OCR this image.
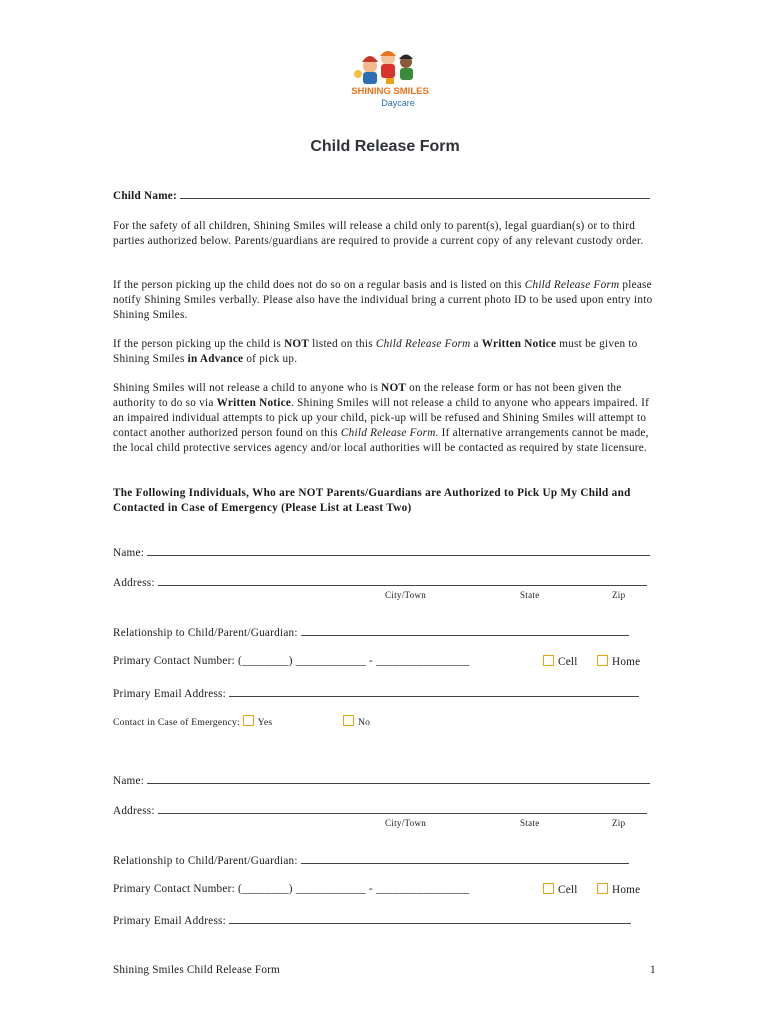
SHINING SMILES
Daycare
Child Release Form
Child Name:
For the safety of all children, Shining Smiles will release a child only to parent(s), legal guardian(s) or to third parties authorized below. Parents/guardians are required to provide a current copy of any relevant custody order.
If the person picking up the child does not do so on a regular basis and is listed on this Child Release Form please notify Shining Smiles verbally. Please also have the individual bring a current photo ID to be used upon entry into Shining Smiles.
If the person picking up the child is NOT listed on this Child Release Form a Written Notice must be given to Shining Smiles in Advance of pick up.
Shining Smiles will not release a child to anyone who is NOT on the release form or has not been given the authority to do so via Written Notice. Shining Smiles will not release a child to anyone who appears impaired. If an impaired individual attempts to pick up your child, pick-up will be refused and Shining Smiles will attempt to contact another authorized person found on this Child Release Form. If alternative arrangements cannot be made, the local child protective services agency and/or local authorities will be contacted as required by state licensure.
The Following Individuals, Who are NOT Parents/Guardians are Authorized to Pick Up My Child and Contacted in Case of Emergency (Please List at Least Two)
Name:
Address:
City/Town	State	Zip
Relationship to Child/Parent/Guardian:
Primary Contact Number: (________) ____________ - ________________	Cell	Home
Primary Email Address:
Contact in Case of Emergency: Yes	No
Name:
Address:
City/Town	State	Zip
Relationship to Child/Parent/Guardian:
Primary Contact Number: (________) ____________ - ________________	Cell	Home
Primary Email Address:
Shining Smiles Child Release Form	1
